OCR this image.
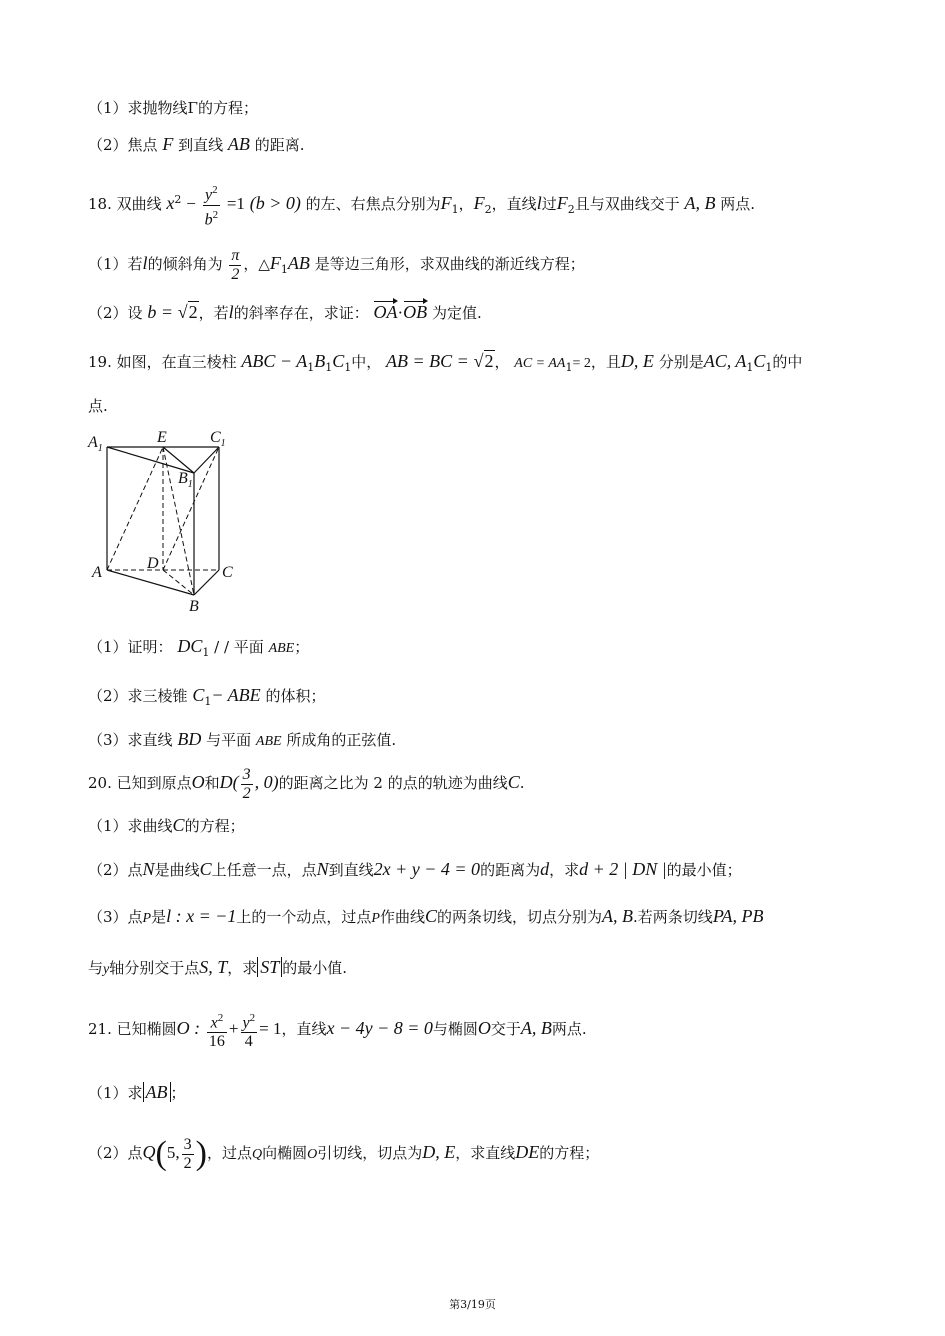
（1）求抛物线Γ的方程；
（2）焦点 F 到直线 AB 的距离.
18. 双曲线 $x^2 - \frac{y^2}{b^2} =1$ (b > 0) 的左、右焦点分别为$F_1$，$F_2$，直线l过$F_2$且与双曲线交于 A, B 两点.
（1）若l的倾斜角为 $\frac{\pi}{2}$ ，$\triangle F_1AB$ 是等边三角形，求双曲线的渐近线方程；
（2）设 b = √2，若l的斜率存在，求证： OA·OB 为定值.
19. 如图，在直三棱柱 ABC − $A_1B_1C_1$中， AB = BC = √2， AC = $AA_1= 2$，且D, E 分别是AC, $A_1C_1$的中
点.
$A_1$
E	$C_1$
$B_1$
D
A	C
B
（1）证明： $DC_1$ / / 平面 ABE；
（2）求三棱锥 $C_1-$ ABE 的体积；
（3）求直线 BD 与平面 ABE 所成角的正弦值.
20. 已知到原点O和$D( \frac{3}{2}$ , 0)的距离之比为 2 的点的轨迹为曲线C.
（1）求曲线C的方程；
（2）点N是曲线C上任意一点，点N到直线2x + y − 4 = 0的距离为d，求d + 2 | DN |的最小值；
（3）点P是l : x = −1上的一个动点，过点P作曲线C的两条切线，切点分别为A, B.若两条切线PA, PB
与y轴分别交于点S, T，求 ST 的最小值.
21. 已知椭圆O : $\frac{x^2}{16} + \frac{y^2}{4} = 1$，直线x − 4y − 8 = 0与椭圆O交于A, B两点.
（1）求 AB ；
（2）点Q(5, $\frac{3}{2}$ )，过点Q向椭圆O引切线，切点为D, E，求直线DE的方程；
第3/19页
